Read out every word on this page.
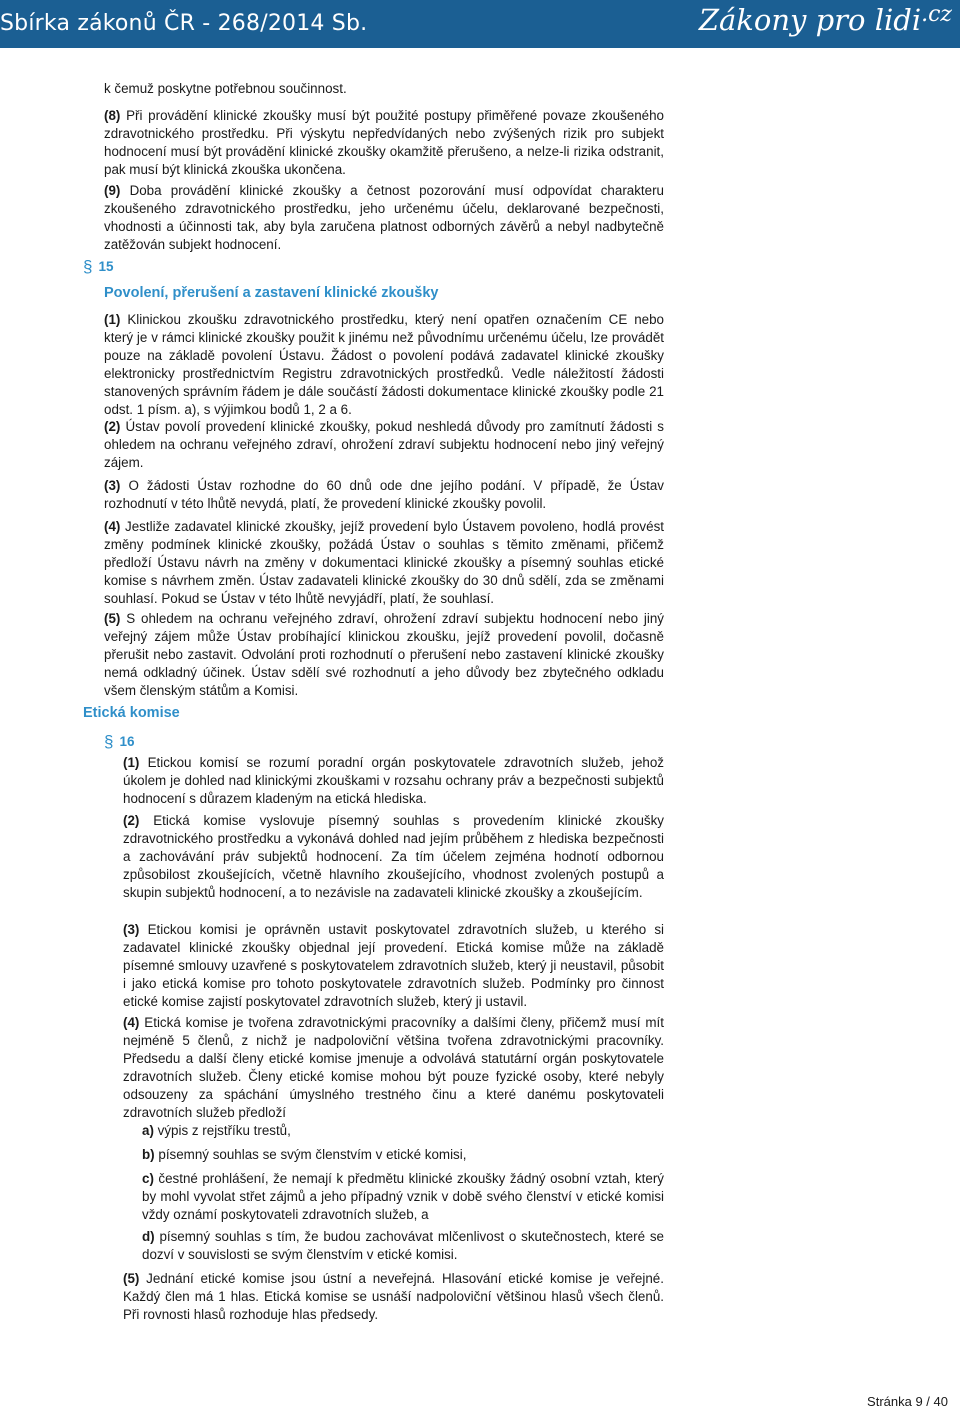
Sbírka zákonů ČR - 268/2014 Sb.	Zákony pro lidi$^{.cz}$

k čemuž poskytne potřebnou součinnost.

(8) Při provádění klinické zkoušky musí být použité postupy přiměřené povaze zkoušeného zdravotnického prostředku. Při výskytu nepředvídaných nebo zvýšených rizik pro subjekt hodnocení musí být provádění klinické zkoušky okamžitě přerušeno, a nelze-li rizika odstranit, pak musí být klinická zkouška ukončena.

(9) Doba provádění klinické zkoušky a četnost pozorování musí odpovídat charakteru zkoušeného zdravotnického prostředku, jeho určenému účelu, deklarované bezpečnosti, vhodnosti a účinnosti tak, aby byla zaručena platnost odborných závěrů a nebyl nadbytečně zatěžován subjekt hodnocení.

§ 15
Povolení, přerušení a zastavení klinické zkoušky

(1) Klinickou zkoušku zdravotnického prostředku, který není opatřen označením CE nebo který je v rámci klinické zkoušky použit k jinému než původnímu určenému účelu, lze provádět pouze na základě povolení Ústavu. Žádost o povolení podává zadavatel klinické zkoušky elektronicky prostřednictvím Registru zdravotnických prostředků. Vedle náležitostí žádosti stanovených správním řádem je dále součástí žádosti dokumentace klinické zkoušky podle 21 odst. 1 písm. a), s výjimkou bodů 1, 2 a 6.

(2) Ústav povolí provedení klinické zkoušky, pokud neshledá důvody pro zamítnutí žádosti s ohledem na ochranu veřejného zdraví, ohrožení zdraví subjektu hodnocení nebo jiný veřejný zájem.

(3) O žádosti Ústav rozhodne do 60 dnů ode dne jejího podání. V případě, že Ústav rozhodnutí v této lhůtě nevydá, platí, že provedení klinické zkoušky povolil.

(4) Jestliže zadavatel klinické zkoušky, jejíž provedení bylo Ústavem povoleno, hodlá provést změny podmínek klinické zkoušky, požádá Ústav o souhlas s těmito změnami, přičemž předloží Ústavu návrh na změny v dokumentaci klinické zkoušky a písemný souhlas etické komise s návrhem změn. Ústav zadavateli klinické zkoušky do 30 dnů sdělí, zda se změnami souhlasí. Pokud se Ústav v této lhůtě nevyjádří, platí, že souhlasí.

(5) S ohledem na ochranu veřejného zdraví, ohrožení zdraví subjektu hodnocení nebo jiný veřejný zájem může Ústav probíhající klinickou zkoušku, jejíž provedení povolil, dočasně přerušit nebo zastavit. Odvolání proti rozhodnutí o přerušení nebo zastavení klinické zkoušky nemá odkladný účinek. Ústav sdělí své rozhodnutí a jeho důvody bez zbytečného odkladu všem členským státům a Komisi.

Etická komise
§ 16

(1) Etickou komisí se rozumí poradní orgán poskytovatele zdravotních služeb, jehož úkolem je dohled nad klinickými zkouškami v rozsahu ochrany práv a bezpečnosti subjektů hodnocení s důrazem kladeným na etická hlediska.

(2) Etická komise vyslovuje písemný souhlas s provedením klinické zkoušky zdravotnického prostředku a vykonává dohled nad jejím průběhem z hlediska bezpečnosti a zachovávání práv subjektů hodnocení. Za tím účelem zejména hodnotí odbornou způsobilost zkoušejících, včetně hlavního zkoušejícího, vhodnost zvolených postupů a skupin subjektů hodnocení, a to nezávisle na zadavateli klinické zkoušky a zkoušejícím.

(3) Etickou komisi je oprávněn ustavit poskytovatel zdravotních služeb, u kterého si zadavatel klinické zkoušky objednal její provedení. Etická komise může na základě písemné smlouvy uzavřené s poskytovatelem zdravotních služeb, který ji neustavil, působit i jako etická komise pro tohoto poskytovatele zdravotních služeb. Podmínky pro činnost etické komise zajistí poskytovatel zdravotních služeb, který ji ustavil.

(4) Etická komise je tvořena zdravotnickými pracovníky a dalšími členy, přičemž musí mít nejméně 5 členů, z nichž je nadpoloviční většina tvořena zdravotnickými pracovníky. Předsedu a další členy etické komise jmenuje a odvolává statutární orgán poskytovatele zdravotních služeb. Členy etické komise mohou být pouze fyzické osoby, které nebyly odsouzeny za spáchání úmyslného trestného činu a které danému poskytovateli zdravotních služeb předloží

a) výpis z rejstříku trestů,

b) písemný souhlas se svým členstvím v etické komisi,

c) čestné prohlášení, že nemají k předmětu klinické zkoušky žádný osobní vztah, který by mohl vyvolat střet zájmů a jeho případný vznik v době svého členství v etické komisi vždy oznámí poskytovateli zdravotních služeb, a

d) písemný souhlas s tím, že budou zachovávat mlčenlivost o skutečnostech, které se dozví v souvislosti se svým členstvím v etické komisi.

(5) Jednání etické komise jsou ústní a neveřejná. Hlasování etické komise je veřejné. Každý člen má 1 hlas. Etická komise se usnáší nadpoloviční většinou hlasů všech členů. Při rovnosti hlasů rozhoduje hlas předsedy.

Stránka 9 / 40
